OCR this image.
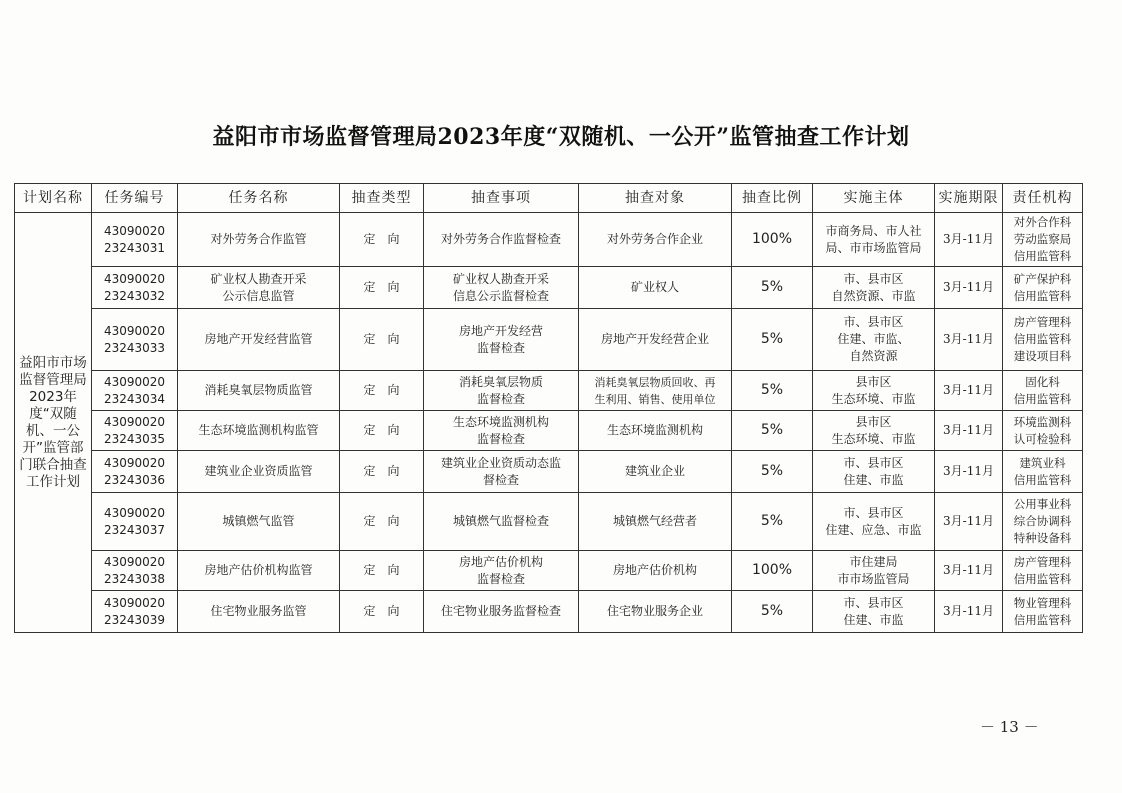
益阳市市场监督管理局2023年度“双随机、一公开”监管抽查工作计划
计划名称	任务编号	任务名称	抽查类型	抽查事项	抽查对象	抽查比例	实施主体	实施期限	责任机构
益阳市市场监督管理局2023年度“双随机、一公开”监管部门联合抽查工作计划	43090020
23243031	对外劳务合作监管	定　向	对外劳务合作监督检查	对外劳务合作企业	100%	市商务局、市人社
局、市市场监管局	3月-11月	对外合作科
劳动监察局
信用监管科

	43090020
23243032	矿业权人勘查开采
公示信息监管	定　向	矿业权人勘查开采
信息公示监督检查	矿业权人	5%	市、县市区
自然资源、市监	3月-11月	矿产保护科
信用监管科

	43090020
23243033	房地产开发经营监管	定　向	房地产开发经营
监督检查	房地产开发经营企业	5%	市、县市区
住建、市监、
自然资源	3月-11月	房产管理科
信用监管科
建设项目科

	43090020
23243034	消耗臭氧层物质监管	定　向	消耗臭氧层物质
监督检查	消耗臭氧层物质回收、再
生利用、销售、使用单位	5%	县市区
生态环境、市监	3月-11月	固化科
信用监管科

	43090020
23243035	生态环境监测机构监管	定　向	生态环境监测机构
监督检查	生态环境监测机构	5%	县市区
生态环境、市监	3月-11月	环境监测科
认可检验科

	43090020
23243036	建筑业企业资质监管	定　向	建筑业企业资质动态监
督检查	建筑业企业	5%	市、县市区
住建、市监	3月-11月	建筑业科
信用监管科

	43090020
23243037	城镇燃气监管	定　向	城镇燃气监督检查	城镇燃气经营者	5%	市、县市区
住建、应急、市监	3月-11月	公用事业科
综合协调科
特种设备科

	43090020
23243038	房地产估价机构监管	定　向	房地产估价机构
监督检查	房地产估价机构	100%	市住建局
市市场监管局	3月-11月	房产管理科
信用监管科

	43090020
23243039	住宅物业服务监管	定　向	住宅物业服务监督检查	住宅物业服务企业	5%	市、县市区
住建、市监	3月-11月	物业管理科
信用监管科
－ 13 －
